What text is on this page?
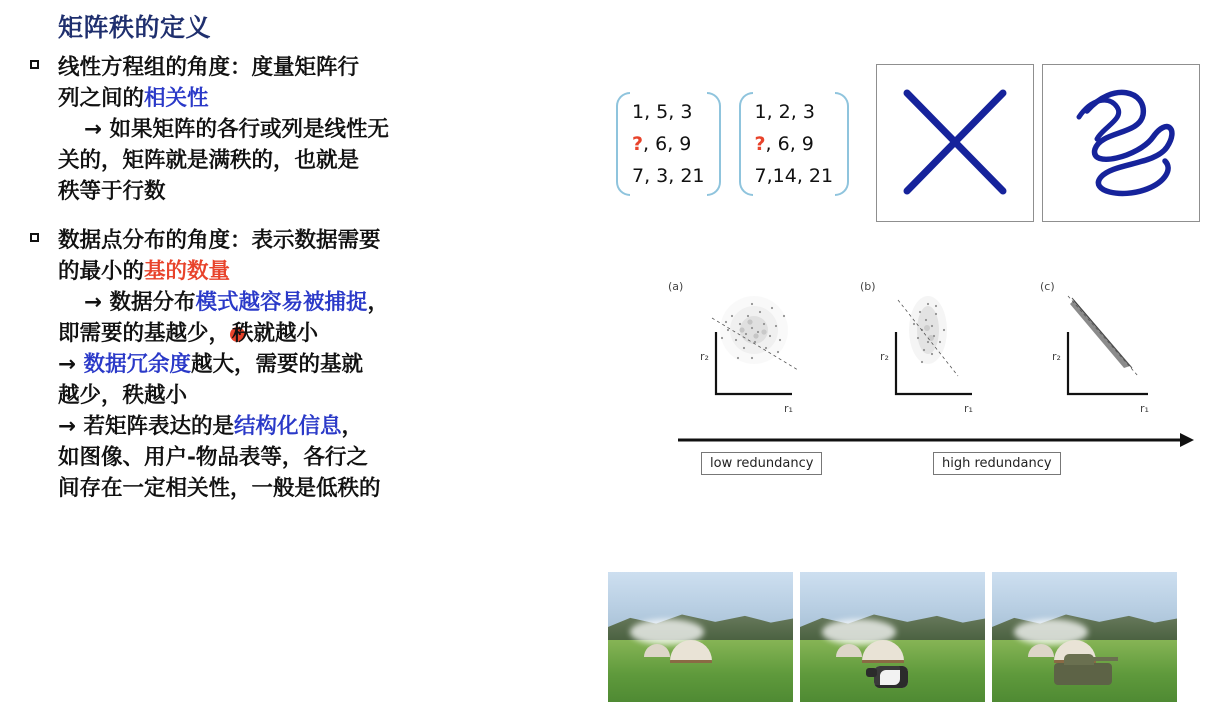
矩阵秩的定义
线性方程组的角度：度量矩阵行
列之间的相关性
→ 如果矩阵的各行或列是线性无
关的，矩阵就是满秩的，也就是
秩等于行数
数据点分布的角度：表示数据需要
的最小的基的数量
→ 数据分布模式越容易被捕捉，
即需要的基越少，秩就越小
→ 数据冗余度越大，需要的基就
越少，秩越小
→ 若矩阵表达的是结构化信息，
如图像、用户-物品表等，各行之
间存在一定相关性，一般是低秩的
1, 5, 3
?, 6, 9
7, 3, 21
1, 2, 3
?, 6, 9
7,14, 21
(a)
r₂
r₁
(b)
r₂
r₁
(c)
r₂
r₁
low redundancy	high redundancy
